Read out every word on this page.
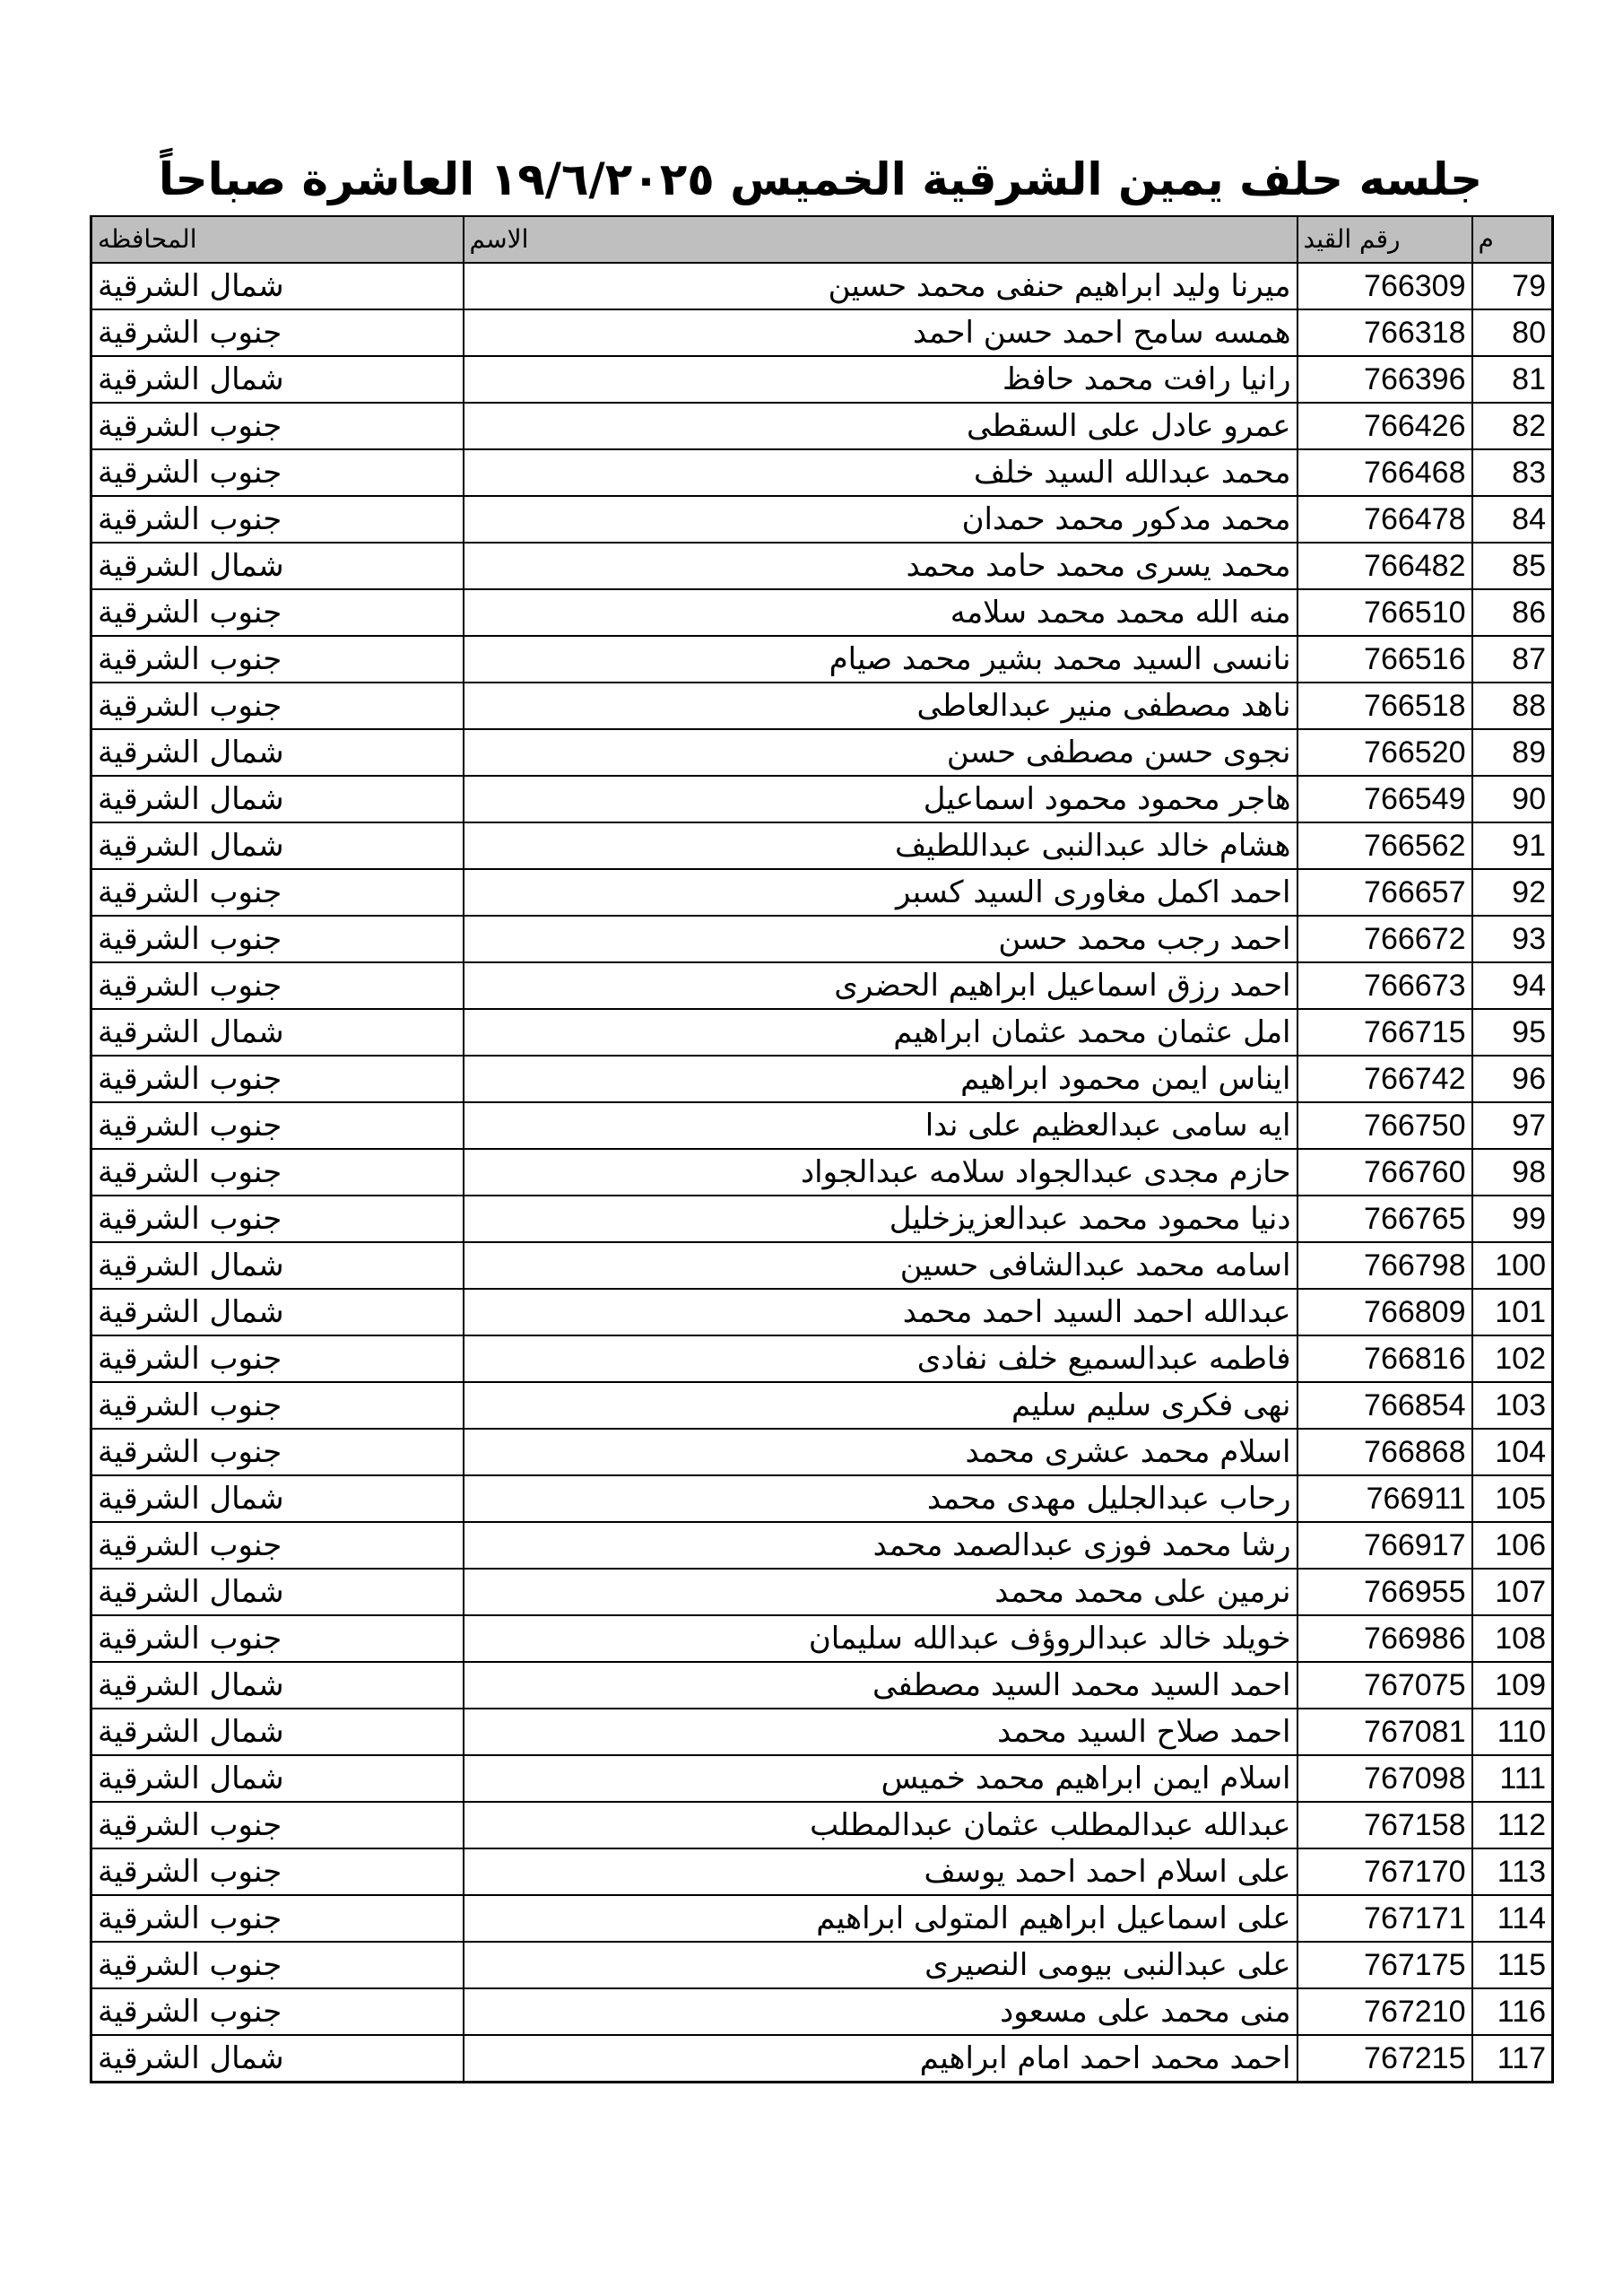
جلسه حلف يمين الشرقية الخميس ١٩/٦/٢٠٢٥ العاشرة صباحاً
م	رقم القيد	الاسم	المحافظه
79	766309	ميرنا وليد ابراهيم حنفى محمد حسين	شمال الشرقية
80	766318	همسه سامح احمد حسن احمد	جنوب الشرقية
81	766396	رانيا رافت محمد حافظ	شمال الشرقية
82	766426	عمرو عادل على السقطى	جنوب الشرقية
83	766468	محمد عبدالله السيد خلف	جنوب الشرقية
84	766478	محمد مدكور محمد حمدان	جنوب الشرقية
85	766482	محمد يسرى محمد حامد محمد	شمال الشرقية
86	766510	منه الله محمد محمد سلامه	جنوب الشرقية
87	766516	نانسى السيد محمد بشير محمد صيام	جنوب الشرقية
88	766518	ناهد مصطفى منير عبدالعاطى	جنوب الشرقية
89	766520	نجوى حسن مصطفى حسن	شمال الشرقية
90	766549	هاجر محمود محمود اسماعيل	شمال الشرقية
91	766562	هشام خالد عبدالنبى عبداللطيف	شمال الشرقية
92	766657	احمد اكمل مغاورى السيد كسبر	جنوب الشرقية
93	766672	احمد رجب محمد حسن	جنوب الشرقية
94	766673	احمد رزق اسماعيل ابراهيم الحضرى	جنوب الشرقية
95	766715	امل عثمان محمد عثمان ابراهيم	شمال الشرقية
96	766742	ايناس ايمن محمود ابراهيم	جنوب الشرقية
97	766750	ايه سامى عبدالعظيم على ندا	جنوب الشرقية
98	766760	حازم مجدى عبدالجواد سلامه عبدالجواد	جنوب الشرقية
99	766765	دنيا محمود محمد عبدالعزيزخليل	جنوب الشرقية
100	766798	اسامه محمد عبدالشافى حسين	شمال الشرقية
101	766809	عبدالله احمد السيد احمد محمد	شمال الشرقية
102	766816	فاطمه عبدالسميع خلف نفادى	جنوب الشرقية
103	766854	نهى فكرى سليم سليم	جنوب الشرقية
104	766868	اسلام محمد عشرى محمد	جنوب الشرقية
105	766911	رحاب عبدالجليل مهدى محمد	شمال الشرقية
106	766917	رشا محمد فوزى عبدالصمد محمد	جنوب الشرقية
107	766955	نرمين على محمد محمد	شمال الشرقية
108	766986	خويلد خالد عبدالروؤف عبدالله سليمان	جنوب الشرقية
109	767075	احمد السيد محمد السيد مصطفى	شمال الشرقية
110	767081	احمد صلاح السيد محمد	شمال الشرقية
111	767098	اسلام ايمن ابراهيم محمد خميس	شمال الشرقية
112	767158	عبدالله عبدالمطلب عثمان عبدالمطلب	جنوب الشرقية
113	767170	على اسلام احمد احمد يوسف	جنوب الشرقية
114	767171	على اسماعيل ابراهيم المتولى ابراهيم	جنوب الشرقية
115	767175	على عبدالنبى بيومى النصيرى	جنوب الشرقية
116	767210	منى محمد على مسعود	جنوب الشرقية
117	767215	احمد محمد احمد امام ابراهيم	شمال الشرقية
